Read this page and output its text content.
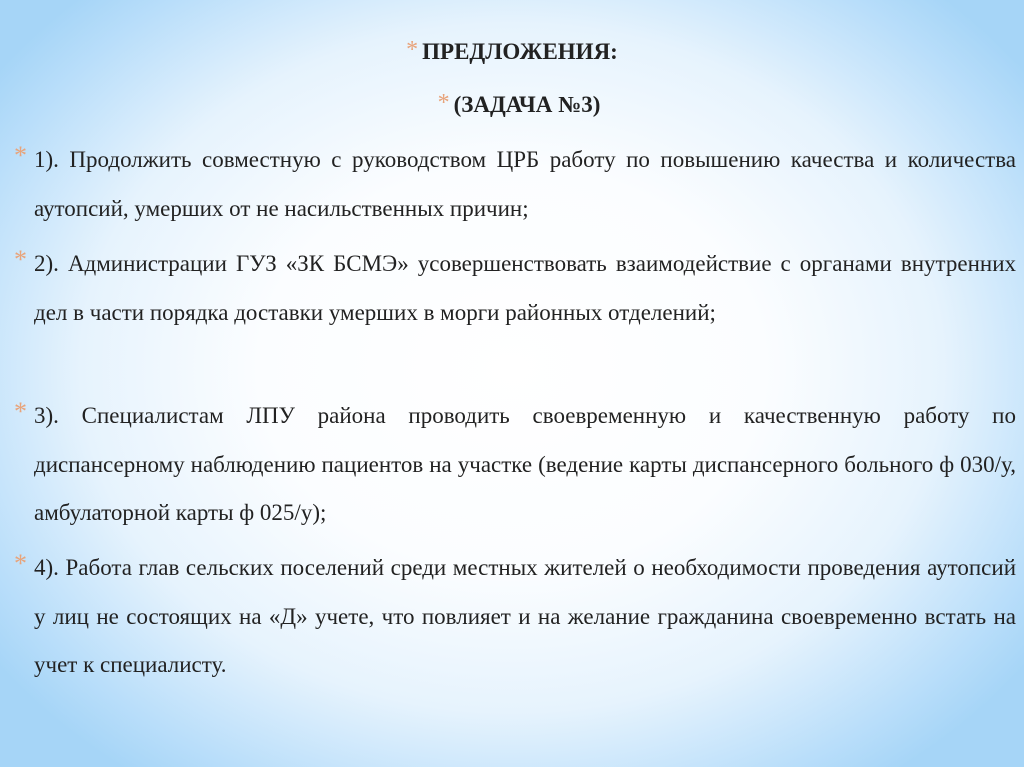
* ПРЕДЛОЖЕНИЯ:
* (ЗАДАЧА №3)
* 1). Продолжить совместную с руководством ЦРБ работу по повышению качества и количества аутопсий, умерших от не насильственных причин;
* 2). Администрации ГУЗ «ЗК БСМЭ» усовершенствовать взаимодействие с органами внутренних дел в части порядка доставки умерших в морги районных отделений;
* 3). Специалистам ЛПУ района проводить своевременную и качественную работу по диспансерному наблюдению пациентов на участке (ведение карты диспансерного больного ф 030/у, амбулаторной карты ф 025/у);
* 4). Работа глав сельских поселений среди местных жителей о необходимости проведения аутопсий у лиц не состоящих на «Д» учете, что повлияет и на желание гражданина своевременно встать на учет к специалисту.
